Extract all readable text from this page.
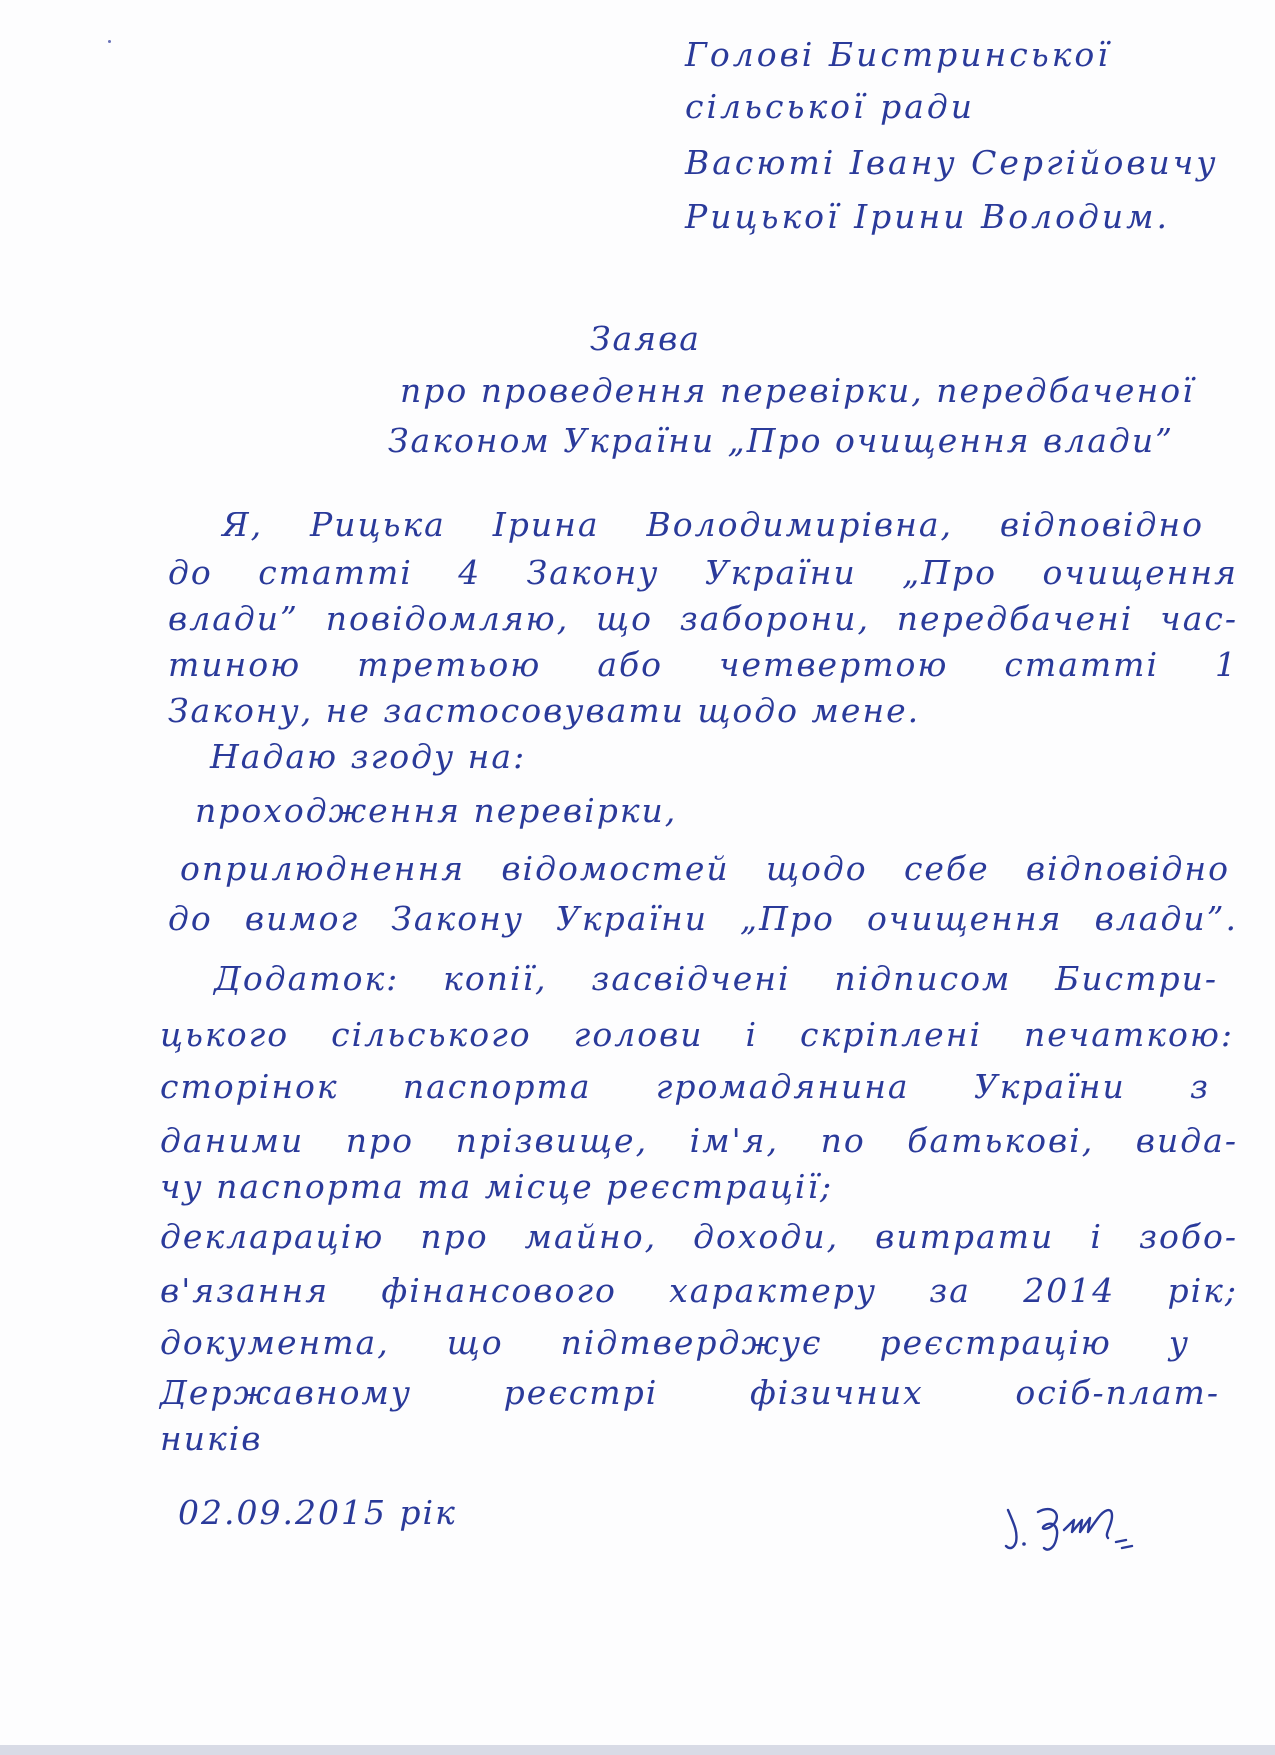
Голові Бистринської
сільської ради
Васюті Івану Сергійовичу
Рицької Ірини Володим.
Заява
про проведення перевірки, передбаченої
Законом України „Про очищення влади”
Я, Рицька Ірина Володимирівна, відповідно
до статті 4 Закону України „Про очищення
влади” повідомляю, що заборони, передбачені час-
тиною третьою або четвертою статті 1
Закону, не застосовувати щодо мене.
Надаю згоду на:
проходження перевірки,
оприлюднення відомостей щодо себе відповідно
до вимог Закону України „Про очищення влади”.
Додаток: копії, засвідчені підписом Бистри-
цького сільського голови і скріплені печаткою:
сторінок паспорта громадянина України з
даними про прізвище, ім'я, по батькові, вида-
чу паспорта та місце реєстрації;
декларацію про майно, доходи, витрати і зобо-
в'язання фінансового характеру за 2014 рік;
документа, що підтверджує реєстрацію у
Державному реєстрі фізичних осіб-плат-
ників
02.09.2015 рік
